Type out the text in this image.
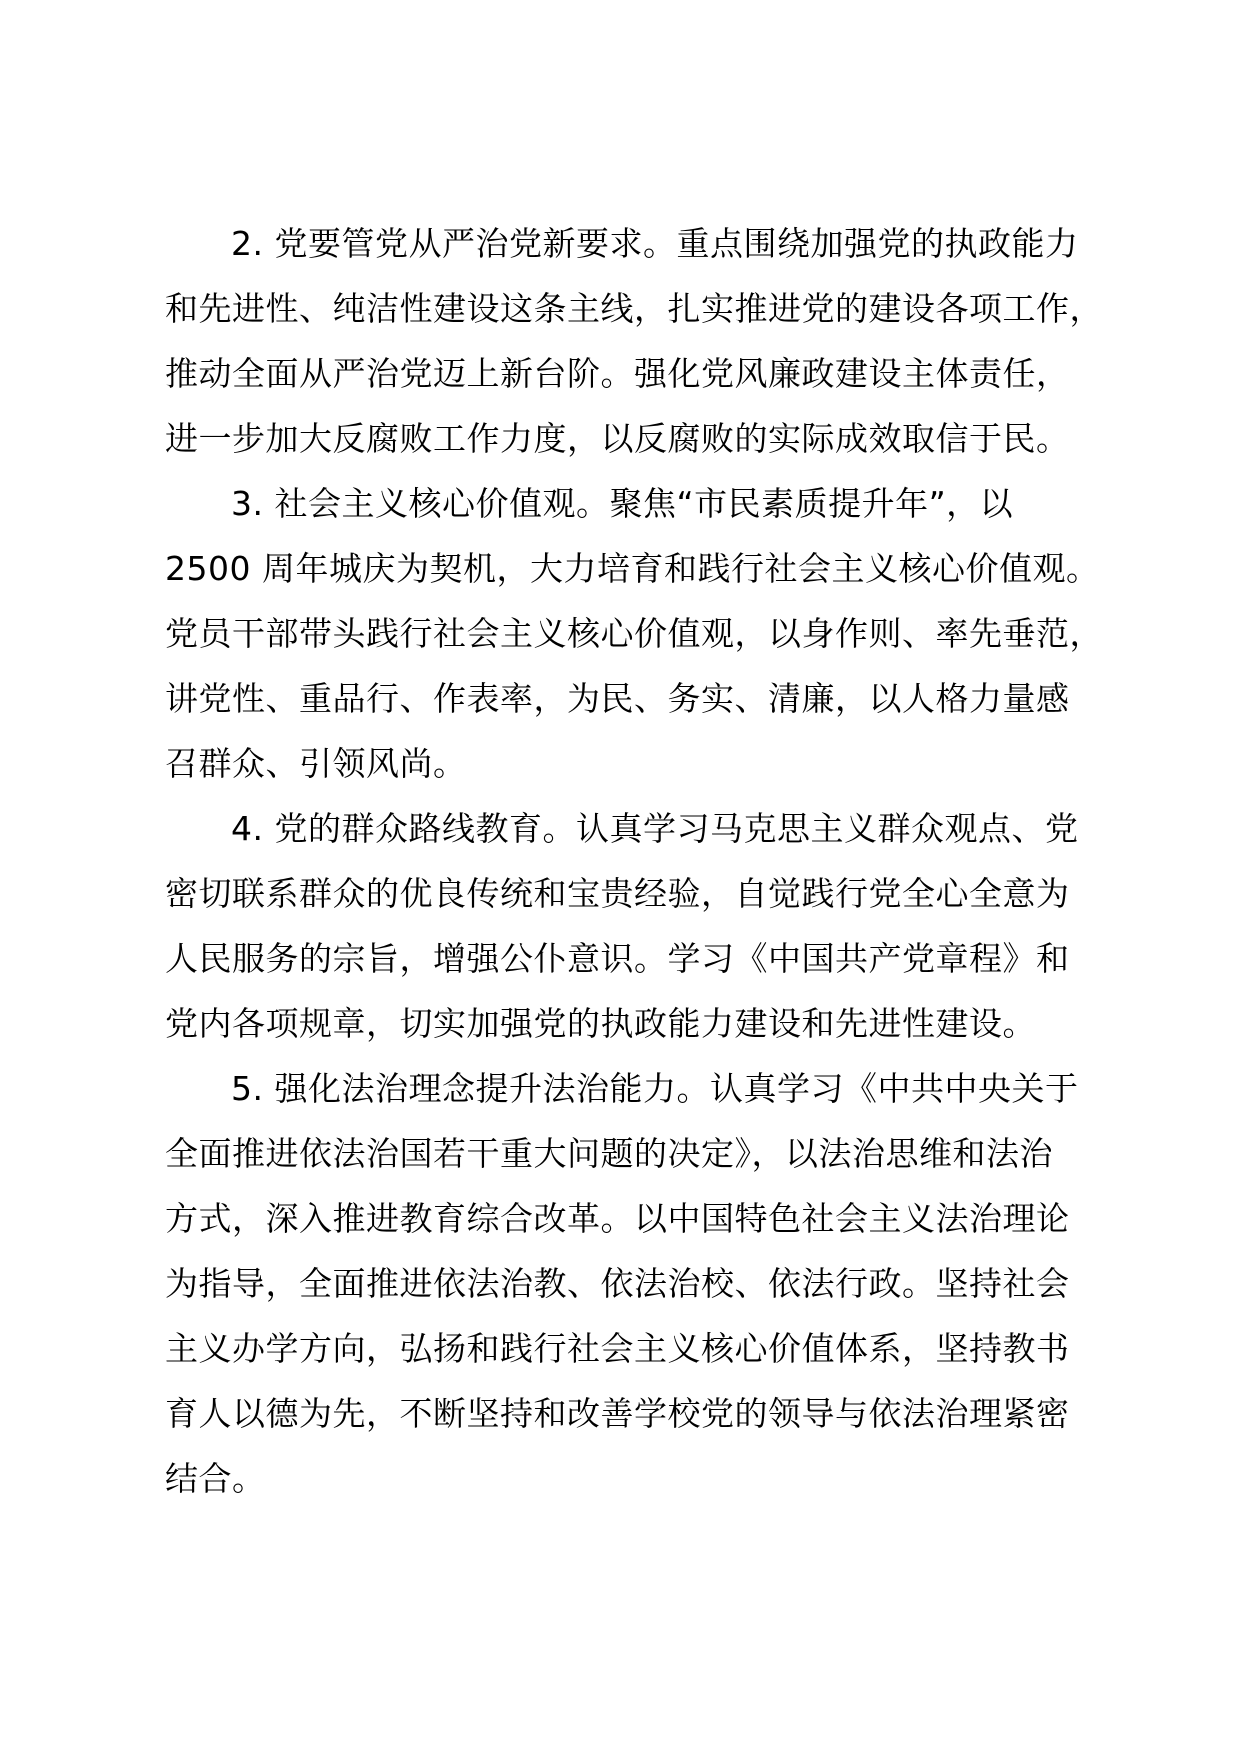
2. 党要管党从严治党新要求。重点围绕加强党的执政能力
和先进性、纯洁性建设这条主线，扎实推进党的建设各项工作，
推动全面从严治党迈上新台阶。强化党风廉政建设主体责任，
进一步加大反腐败工作力度，以反腐败的实际成效取信于民。

3. 社会主义核心价值观。聚焦“市民素质提升年”，以
2500 周年城庆为契机，大力培育和践行社会主义核心价值观。
党员干部带头践行社会主义核心价值观，以身作则、率先垂范，
讲党性、重品行、作表率，为民、务实、清廉，以人格力量感
召群众、引领风尚。

4. 党的群众路线教育。认真学习马克思主义群众观点、党
密切联系群众的优良传统和宝贵经验，自觉践行党全心全意为
人民服务的宗旨，增强公仆意识。学习《中国共产党章程》和
党内各项规章，切实加强党的执政能力建设和先进性建设。

5. 强化法治理念提升法治能力。认真学习《中共中央关于
全面推进依法治国若干重大问题的决定》，以法治思维和法治
方式，深入推进教育综合改革。以中国特色社会主义法治理论
为指导，全面推进依法治教、依法治校、依法行政。坚持社会
主义办学方向，弘扬和践行社会主义核心价值体系，坚持教书
育人以德为先，不断坚持和改善学校党的领导与依法治理紧密
结合。
